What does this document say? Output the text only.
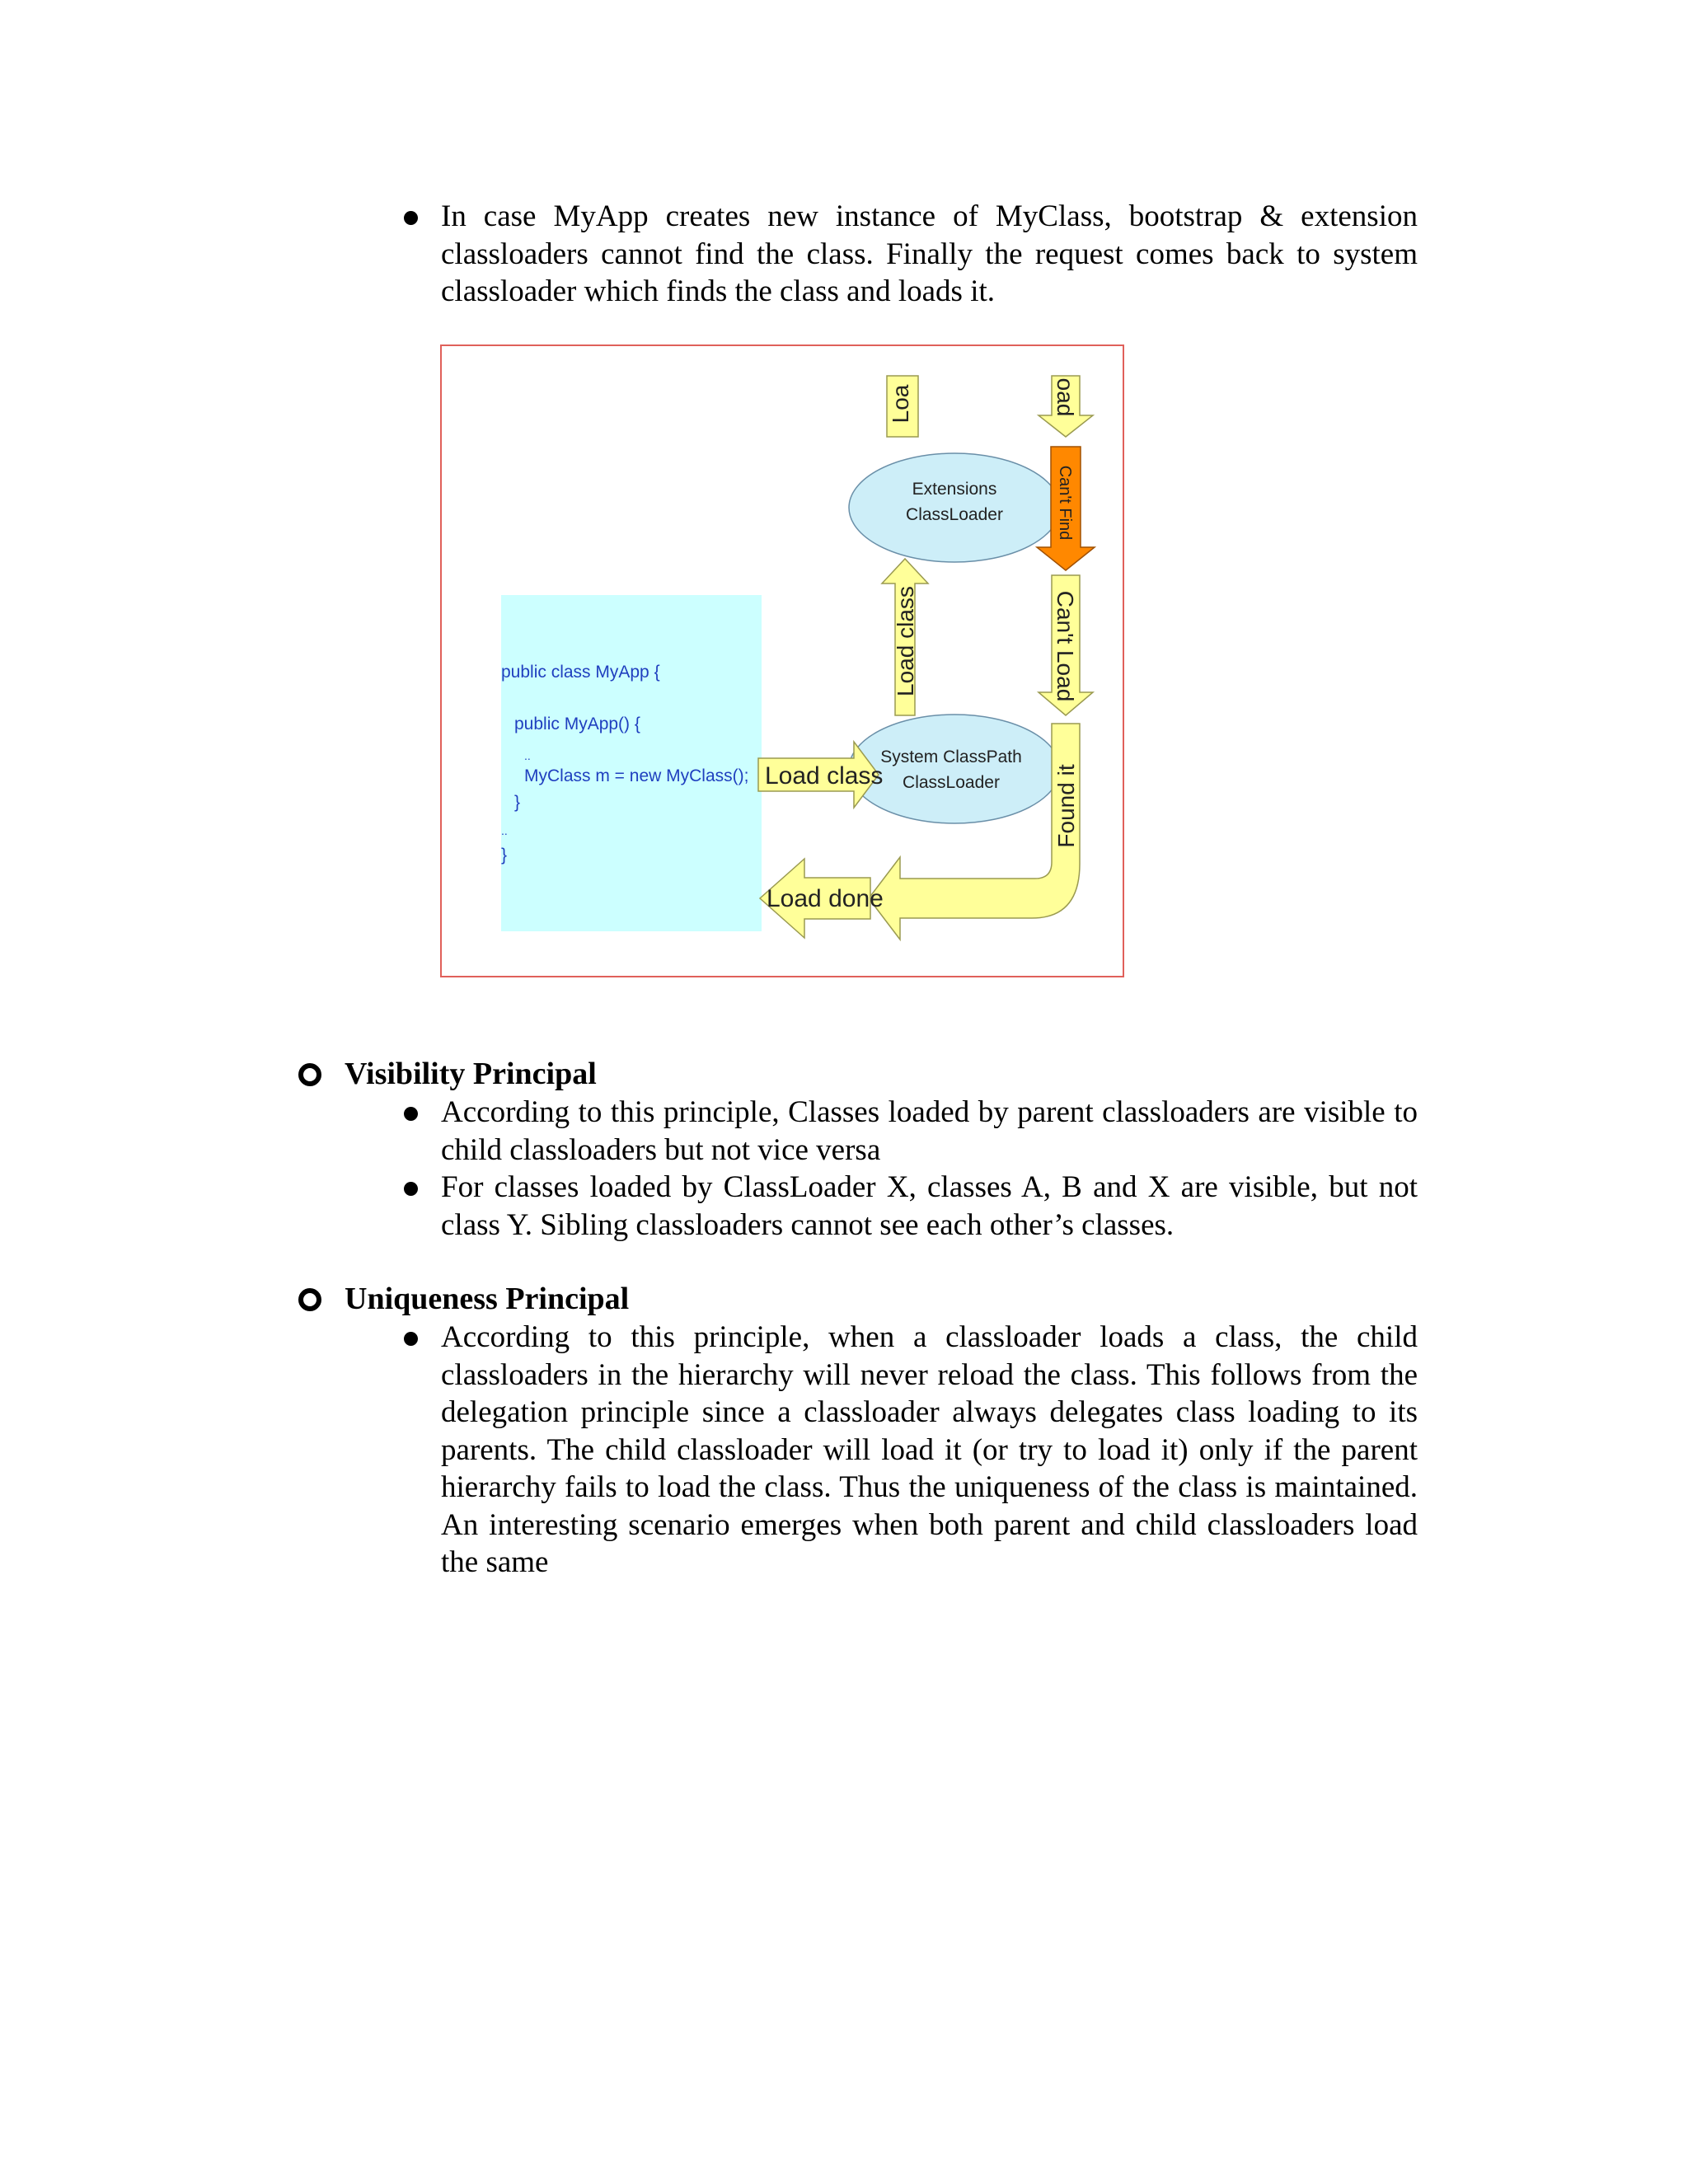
In case MyApp creates new instance of MyClass, bootstrap & extension classloaders cannot find the class. Finally the request comes back to system classloader which finds the class and loads it.

public class MyApp {
public MyApp() {
..
MyClass m = new MyClass();
}
..
}
Extensions
ClassLoader
System ClassPath
ClassLoader
Loa	oad
Can't Find
Load class	Can't Load
Load class	Found it
Load done
Visibility Principal

According to this principle, Classes loaded by parent classloaders are visible to child classloaders but not vice versa

For classes loaded by ClassLoader X, classes A, B and X are visible, but not class Y. Sibling classloaders cannot see each other’s classes.

Uniqueness Principal

According to this principle, when a classloader loads a class, the child classloaders in the hierarchy will never reload the class. This follows from the delegation principle since a classloader always delegates class loading to its parents. The child classloader will load it (or try to load it) only if the parent hierarchy fails to load the class. Thus the uniqueness of the class is maintained. An interesting scenario emerges when both parent and child classloaders load the same
